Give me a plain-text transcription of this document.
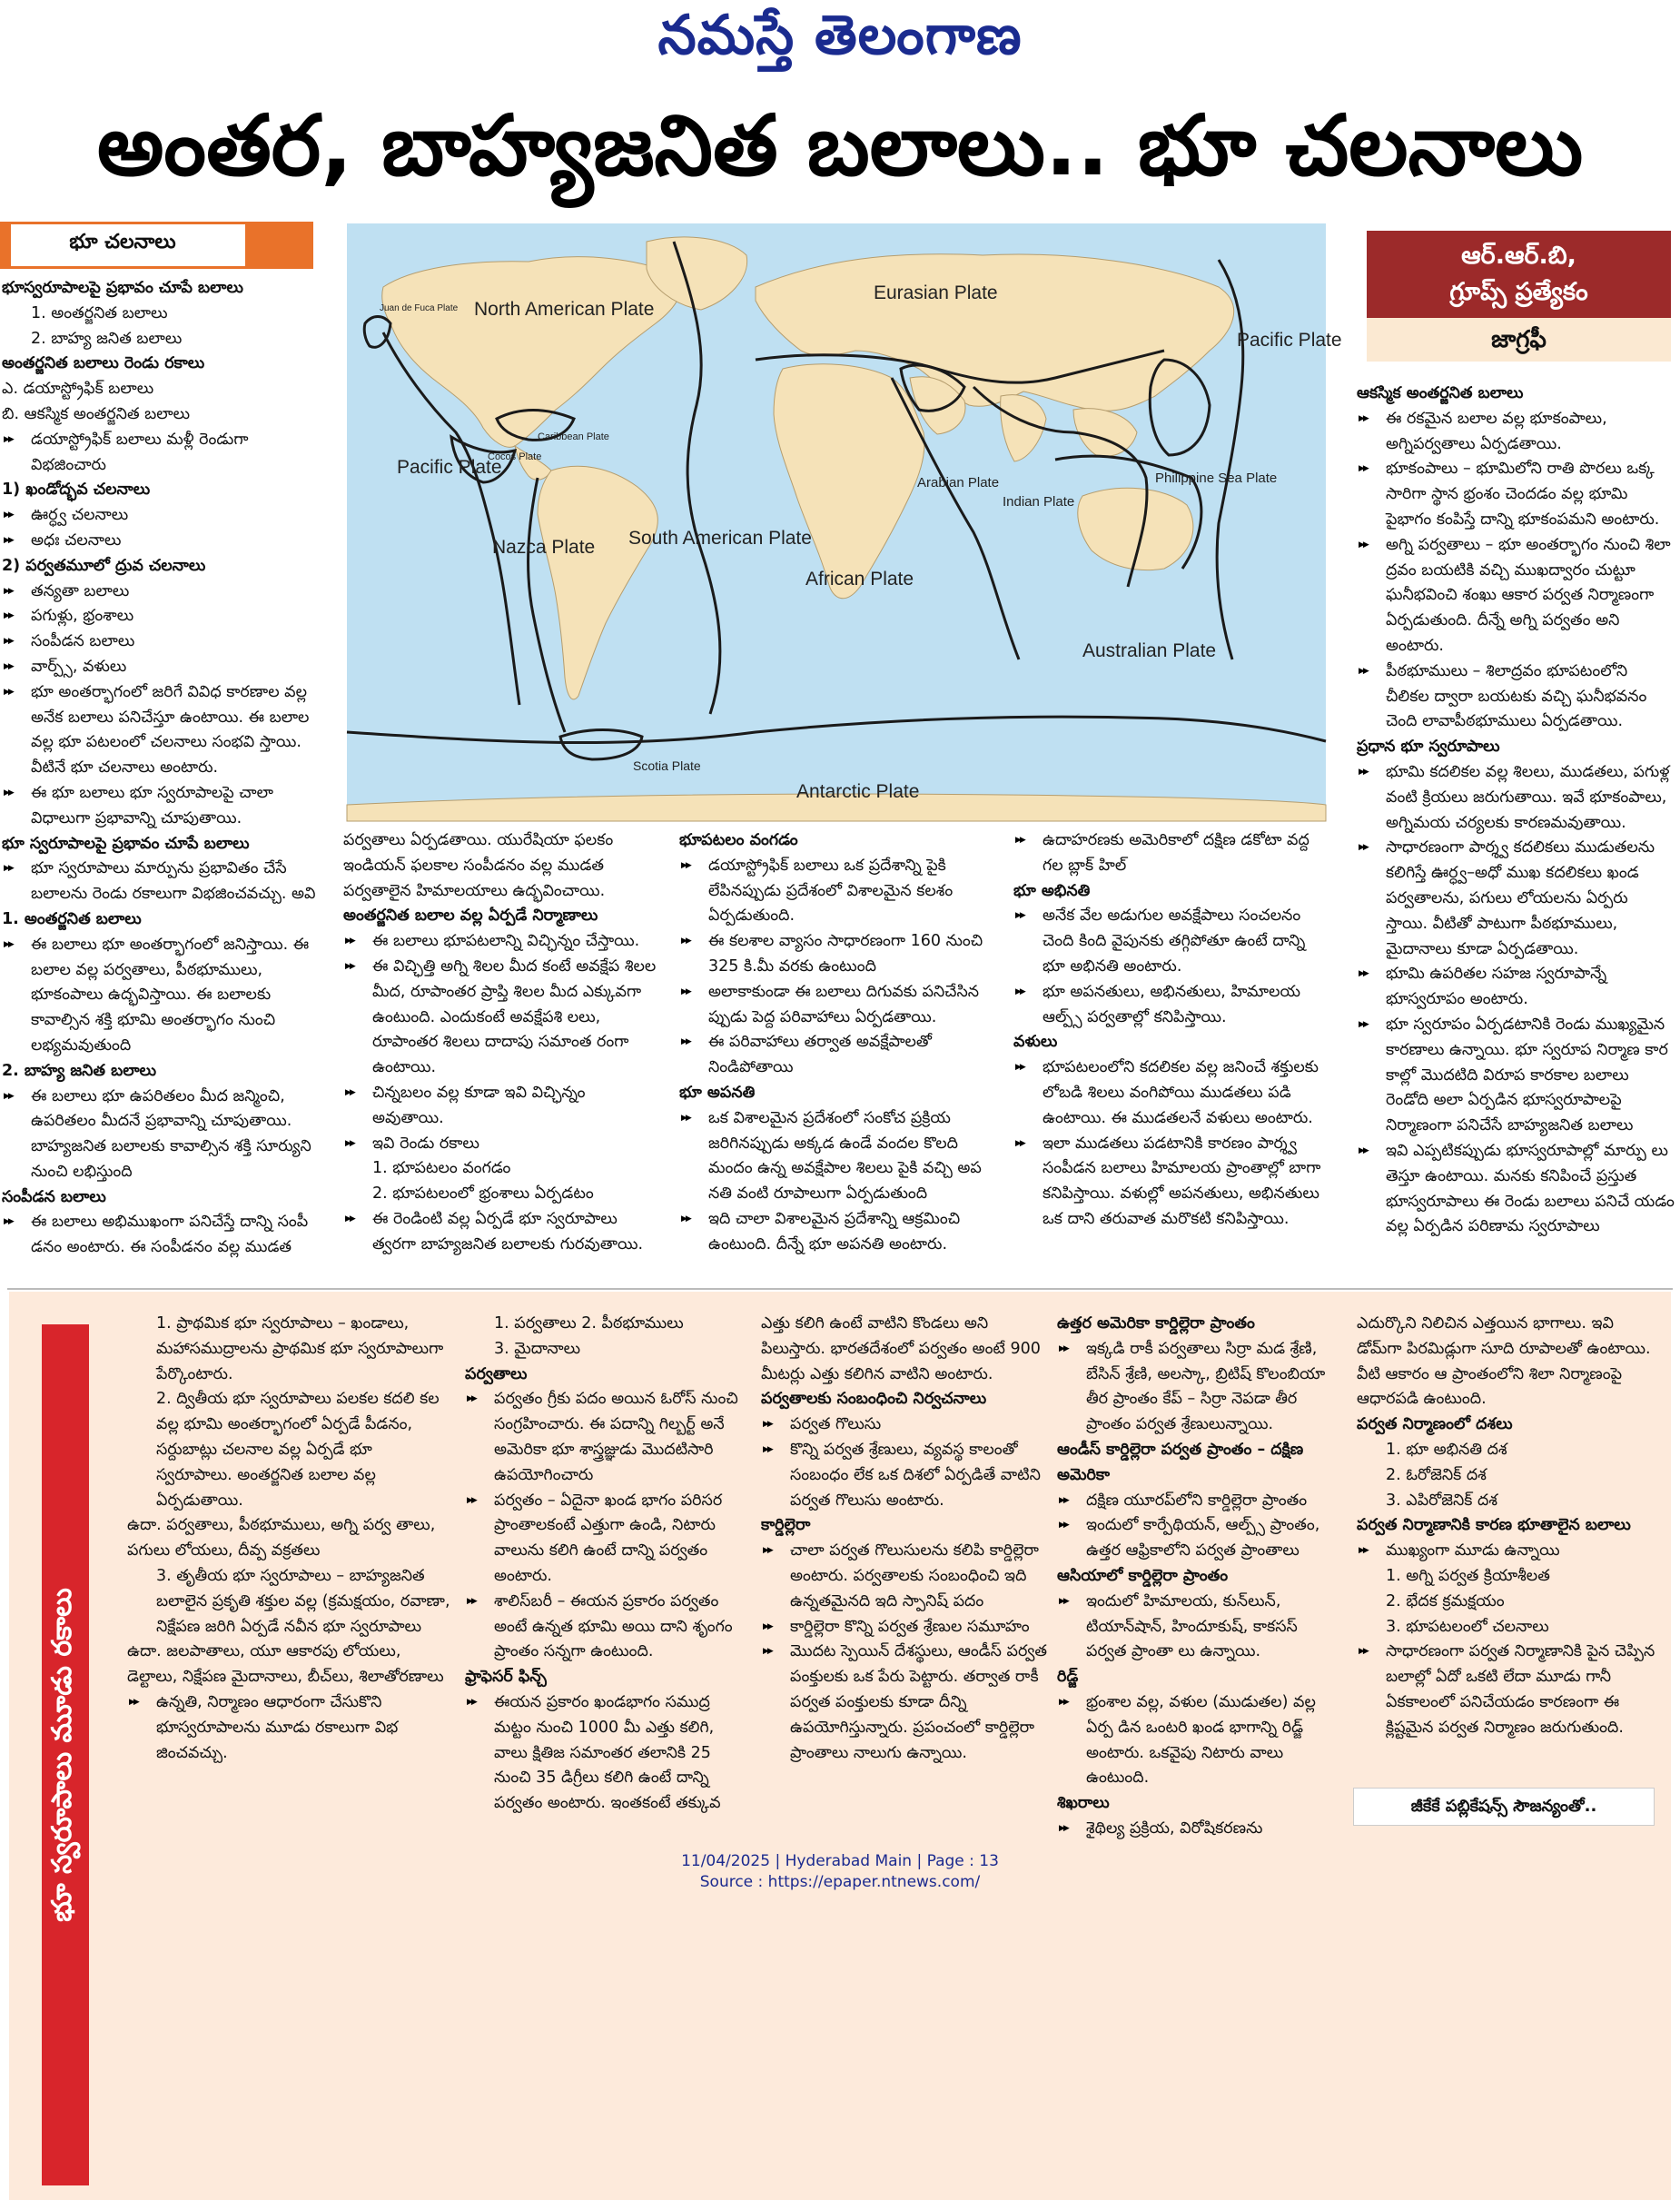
నమస్తే తెలంగాణ
అంతర, బాహ్యజనిత బలాలు.. భూ చలనాలు
భూ చలనాలు	ఆర్.ఆర్.బి,
గ్రూప్స్ ప్రత్యేకం
జాగ్రఫీ
North American Plate
Juan de Fuca Plate
Eurasian Plate
Pacific Plate
Pacific Plate
Caribbean Plate
Cocos Plate
Nazca Plate South American Plate
African Plate
Arabian Plate
Indian Plate
Philippine Sea Plate
Australian Plate
Scotia Plate
Antarctic Plate

భూస్వరూపాలపై ప్రభావం చూపే బలాలు

1. అంతర్జనిత బలాలు

2. బాహ్య జనిత బలాలు

అంతర్జనిత బలాలు రెండు రకాలు

ఎ. డయాస్ట్రోఫిక్ బలాలు

బి. ఆకస్మిక అంతర్జనిత బలాలు

▶▶ డయాస్ట్రోఫిక్ బలాలు మళ్లీ రెండుగా విభజించారు

1) ఖండోద్భవ చలనాలు

▶▶ ఊర్ధ్వ చలనాలు

▶▶ అధః చలనాలు

2) పర్వతమూలో ద్రువ చలనాలు

▶▶ తన్యతా బలాలు

▶▶ పగుళ్లు, భ్రంశాలు

▶▶ సంపీడన బలాలు

▶▶ వార్ప్స్, వళులు

▶▶ భూ అంతర్భాగంలో జరిగే వివిధ కారణాల వల్ల అనేక బలాలు పనిచేస్తూ ఉంటాయి. ఈ బలాల వల్ల భూ పటలంలో చలనాలు సంభవి స్తాయి. వీటినే భూ చలనాలు అంటారు.

▶▶ ఈ భూ బలాలు భూ స్వరూపాలపై చాలా విధాలుగా ప్రభావాన్ని చూపుతాయి.

భూ స్వరూపాలపై ప్రభావం చూపే బలాలు

▶▶ భూ స్వరూపాలు మార్పును ప్రభావితం చేసే బలాలను రెండు రకాలుగా విభజించవచ్చు. అవి

1. అంతర్జనిత బలాలు

▶▶ ఈ బలాలు భూ అంతర్భాగంలో జనిస్తాయి. ఈ బలాల వల్ల పర్వతాలు, పీఠభూములు, భూకంపాలు ఉద్భవిస్తాయి. ఈ బలాలకు కావాల్సిన శక్తి భూమి అంతర్భాగం నుంచి లభ్యమవుతుంది

2. బాహ్య జనిత బలాలు

▶▶ ఈ బలాలు భూ ఉపరితలం మీద జన్మించి, ఉపరితలం మీదనే ప్రభావాన్ని చూపుతాయి. బాహ్యజనిత బలాలకు కావాల్సిన శక్తి సూర్యుని నుంచి లభిస్తుంది

సంపీడన బలాలు

▶▶ ఈ బలాలు అభిముఖంగా పనిచేస్తే దాన్ని సంపీ డనం అంటారు. ఈ సంపీడనం వల్ల ముడత

పర్వతాలు ఏర్పడతాయి. యురేషియా ఫలకం ఇండియన్ ఫలకాల సంపీడనం వల్ల ముడత పర్వతాలైన హిమాలయాలు ఉద్భవించాయి.

అంతర్జనిత బలాల వల్ల ఏర్పడే నిర్మాణాలు

▶▶ ఈ బలాలు భూపటలాన్ని విచ్ఛిన్నం చేస్తాయి.

▶▶ ఈ విచ్ఛిత్తి అగ్ని శిలల మీద కంటే అవక్షేప శిలల మీద, రూపాంతర ప్రాప్తి శిలల మీద ఎక్కువగా ఉంటుంది. ఎందుకంటే అవక్షేపశి లలు, రూపాంతర శిలలు దాదాపు సమాంత రంగా ఉంటాయి.

▶▶ చిన్నబలం వల్ల కూడా ఇవి విచ్ఛిన్నం అవుతాయి.

▶▶ ఇవి రెండు రకాలు

1. భూపటలం వంగడం

2. భూపటలంలో భ్రంశాలు ఏర్పడటం

▶▶ ఈ రెండింటి వల్ల ఏర్పడే భూ స్వరూపాలు త్వరగా బాహ్యజనిత బలాలకు గురవుతాయి.

భూపటలం వంగడం

▶▶ డయాస్ట్రోఫిక్ బలాలు ఒక ప్రదేశాన్ని పైకి లేపినప్పుడు ప్రదేశంలో విశాలమైన కలశం ఏర్పడుతుంది.

▶▶ ఈ కలశాల వ్యాసం సాధారణంగా 160 నుంచి 325 కి.మీ వరకు ఉంటుంది

▶▶ అలాకాకుండా ఈ బలాలు దిగువకు పనిచేసిన ప్పుడు పెద్ద పరివాహాలు ఏర్పడతాయి.

▶▶ ఈ పరివాహాలు తర్వాత అవక్షేపాలతో నిండిపోతాయి

భూ అపనతి

▶▶ ఒక విశాలమైన ప్రదేశంలో సంకోచ ప్రక్రియ జరిగినప్పుడు అక్కడ ఉండే వందల కొలది మందం ఉన్న అవక్షేపాల శిలలు పైకి వచ్చి అప నతి వంటి రూపాలుగా ఏర్పడుతుంది

▶▶ ఇది చాలా విశాలమైన ప్రదేశాన్ని ఆక్రమించి ఉంటుంది. దీన్నే భూ అపనతి అంటారు.

▶▶ ఉదాహరణకు అమెరికాలో దక్షిణ డకోటా వద్ద గల బ్లాక్ హిల్

భూ అభినతి

▶▶ అనేక వేల అడుగుల అవక్షేపాలు సంచలనం చెంది కింది వైపునకు తగ్గిపోతూ ఉంటే దాన్ని భూ అభినతి అంటారు.

▶▶ భూ అపనతులు, అభినతులు, హిమాలయ ఆల్ప్స్ పర్వతాల్లో కనిపిస్తాయి.

వళులు

▶▶ భూపటలంలోని కదలికల వల్ల జనించే శక్తులకు లోబడి శిలలు వంగిపోయి ముడతలు పడి ఉంటాయి. ఈ ముడతలనే వళులు అంటారు.

▶▶ ఇలా ముడతలు పడటానికి కారణం పార్శ్వ సంపీడన బలాలు హిమాలయ ప్రాంతాల్లో బాగా కనిపిస్తాయి. వళుల్లో అపనతులు, అభినతులు ఒక దాని తరువాత మరొకటి కనిపిస్తాయి.

ఆకస్మిక అంతర్జనిత బలాలు

▶▶ ఈ రకమైన బలాల వల్ల భూకంపాలు, అగ్నిపర్వతాలు ఏర్పడతాయి.

▶▶ భూకంపాలు – భూమిలోని రాతి పొరలు ఒక్క సారిగా స్థాన భ్రంశం చెందడం వల్ల భూమి పైభాగం కంపిస్తే దాన్ని భూకంపమని అంటారు.

▶▶ అగ్ని పర్వతాలు – భూ అంతర్భాగం నుంచి శిలా ద్రవం బయటికి వచ్చి ముఖద్వారం చుట్టూ ఘనీభవించి శంఖు ఆకార పర్వత నిర్మాణంగా ఏర్పడుతుంది. దీన్నే అగ్ని పర్వతం అని అంటారు.

▶▶ పీఠభూములు – శిలాద్రవం భూపటంలోని చీలికల ద్వారా బయటకు వచ్చి ఘనీభవనం చెంది లావాపీఠభూములు ఏర్పడతాయి.

ప్రధాన భూ స్వరూపాలు

▶▶ భూమి కదలికల వల్ల శిలలు, ముడతలు, పగుళ్ల వంటి క్రియలు జరుగుతాయి. ఇవే భూకంపాలు, అగ్నిమయ చర్యలకు కారణమవుతాయి.

▶▶ సాధారణంగా పార్శ్వ కదలికలు ముడుతలను కలిగిస్తే ఊర్ధ్వ–అధో ముఖ కదలికలు ఖండ పర్వతాలను, పగులు లోయలను ఏర్పరు స్తాయి. వీటితో పాటుగా పీఠభూములు, మైదానాలు కూడా ఏర్పడతాయి.

▶▶ భూమి ఉపరితల సహజ స్వరూపాన్నే భూస్వరూపం అంటారు.

▶▶ భూ స్వరూపం ఏర్పడటానికి రెండు ముఖ్యమైన కారణాలు ఉన్నాయి. భూ స్వరూప నిర్మాణ కార కాల్లో మొదటిది విరూప కారకాల బలాలు రెండోది అలా ఏర్పడిన భూస్వరూపాలపై నిర్మాణంగా పనిచేసే బాహ్యజనిత బలాలు

▶▶ ఇవి ఎప్పటికప్పుడు భూస్వరూపాల్లో మార్పు లు తెస్తూ ఉంటాయి. మనకు కనిపించే ప్రస్తుత భూస్వరూపాలు ఈ రెండు బలాలు పనిచే యడం వల్ల ఏర్పడిన పరిణామ స్వరూపాలు

భూ స్వరూపాలు మూడు రకాలు

1. ప్రాథమిక భూ స్వరూపాలు – ఖండాలు, మహాసముద్రాలను ప్రాథమిక భూ స్వరూపాలుగా పేర్కొంటారు.

2. ద్వితీయ భూ స్వరూపాలు పలకల కదలి కల వల్ల భూమి అంతర్భాగంలో ఏర్పడే పీడనం, సర్దుబాట్లు చలనాల వల్ల ఏర్పడే భూ స్వరూపాలు. అంతర్జనిత బలాల వల్ల ఏర్పడుతాయి.

ఉదా. పర్వతాలు, పీఠభూములు, అగ్ని పర్వ తాలు, పగులు లోయలు, దీవ్ప వక్రతలు

3. తృతీయ భూ స్వరూపాలు – బాహ్యజనిత బలాలైన ప్రకృతి శక్తుల వల్ల (క్రమక్షయం, రవాణా, నిక్షేపణ జరిగి ఏర్పడే నవీన భూ స్వరూపాలు

ఉదా. జలపాతాలు, యూ ఆకారపు లోయలు, డెల్టాలు, నిక్షేపణ మైదానాలు, బీచ్‌లు, శిలాతోరణాలు

▶▶ ఉన్నతి, నిర్మాణం ఆధారంగా చేసుకొని భూస్వరూపాలను మూడు రకాలుగా విభ జించవచ్చు.

1. పర్వతాలు 2. పీఠభూములు

3. మైదానాలు

పర్వతాలు

▶▶ పర్వతం గ్రీకు పదం అయిన ఓరోస్ నుంచి సంగ్రహించారు. ఈ పదాన్ని గిల్బర్ట్ అనే అమెరికా భూ శాస్త్రజ్ఞుడు మొదటిసారి ఉపయోగించారు

▶▶ పర్వతం – ఏదైనా ఖండ భాగం పరిసర ప్రాంతాలకంటే ఎత్తుగా ఉండి, నిటారు వాలును కలిగి ఉంటే దాన్ని పర్వతం అంటారు.

▶▶ శాలిస్‌బరీ – ఈయన ప్రకారం పర్వతం అంటే ఉన్నత భూమి అయి దాని శృంగం ప్రాంతం సన్నగా ఉంటుంది.

ఫ్రాఫెసర్ ఫిన్చ్

▶▶ ఈయన ప్రకారం ఖండభాగం సముద్ర మట్టం నుంచి 1000 మీ ఎత్తు కలిగి, వాలు క్షితిజ సమాంతర తలానికి 25 నుంచి 35 డిగ్రీలు కలిగి ఉంటే దాన్ని పర్వతం అంటారు. ఇంతకంటే తక్కువ

ఎత్తు కలిగి ఉంటే వాటిని కొండలు అని పిలుస్తారు. భారతదేశంలో పర్వతం అంటే 900 మీటర్లు ఎత్తు కలిగిన వాటిని అంటారు.

పర్వతాలకు సంబంధించి నిర్వచనాలు

▶▶ పర్వత గొలుసు

▶▶ కొన్ని పర్వత శ్రేణులు, వ్యవస్థ కాలంతో సంబంధం లేక ఒక దిశలో ఏర్పడితే వాటిని పర్వత గొలుసు అంటారు.

కార్డిల్లెరా

▶▶ చాలా పర్వత గొలుసులను కలిపి కార్డిల్లెరా అంటారు. పర్వతాలకు సంబంధించి ఇది ఉన్నతమైనది ఇది స్పానిష్ పదం

▶▶ కార్డిల్లెరా కొన్ని పర్వత శ్రేణుల సమూహం

▶▶ మొదట స్పెయిన్ దేశస్థులు, ఆండీస్ పర్వత పంక్తులకు ఒక పేరు పెట్టారు. తర్వాత రాకీ పర్వత పంక్తులకు కూడా దీన్ని ఉపయోగిస్తున్నారు. ప్రపంచంలో కార్డిల్లెరా ప్రాంతాలు నాలుగు ఉన్నాయి.

ఉత్తర అమెరికా కార్డిల్లెరా ప్రాంతం

▶▶ ఇక్కడి రాకీ పర్వతాలు సిర్రా మడ శ్రేణి, బేసిన్ శ్రేణి, అలస్కా, బ్రిటిష్ కొలంబియా తీర ప్రాంతం కేప్ – సిర్రా నెపడా తీర ప్రాంతం పర్వత శ్రేణులున్నాయి.

ఆండీస్ కార్డిల్లెరా పర్వత ప్రాంతం – దక్షిణ అమెరికా

▶▶ దక్షిణ యూరప్‌లోని కార్డిల్లెరా ప్రాంతం

▶▶ ఇందులో కార్పేథియన్, ఆల్ప్స్ ప్రాంతం, ఉత్తర ఆఫ్రికాలోని పర్వత ప్రాంతాలు

ఆసియాలో కార్డిల్లెరా ప్రాంతం

▶▶ ఇందులో హిమాలయ, కున్‌లున్, టియాన్‌షాన్, హిందూకుష్, కాకసస్ పర్వత ప్రాంతా లు ఉన్నాయి.

రిడ్జ్

▶▶ భ్రంశాల వల్ల, వళుల (ముడుతల) వల్ల ఏర్ప డిన ఒంటరి ఖండ భాగాన్ని రిడ్జ్ అంటారు. ఒకవైపు నిటారు వాలు ఉంటుంది.

శిఖరాలు

▶▶ శైథిల్య ప్రక్రియ, విరోషికరణను

ఎదుర్కొని నిలిచిన ఎత్తయిన భాగాలు. ఇవి డోమ్‌గా పిరమిడ్లుగా సూది రూపాలతో ఉంటాయి. వీటి ఆకారం ఆ ప్రాంతంలోని శిలా నిర్మాణంపై ఆధారపడి ఉంటుంది.

పర్వత నిర్మాణంలో దశలు

1. భూ అభినతి దశ

2. ఓరోజెనిక్ దశ

3. ఎపిరోజెనిక్ దశ

పర్వత నిర్మాణానికి కారణ భూతాలైన బలాలు

▶▶ ముఖ్యంగా మూడు ఉన్నాయి

1. అగ్ని పర్వత క్రియాశీలత

2. భేదక క్రమక్షయం

3. భూపటలంలో చలనాలు

▶▶ సాధారణంగా పర్వత నిర్మాణానికి పైన చెప్పిన బలాల్లో ఏదో ఒకటి లేదా మూడు గానీ ఏకకాలంలో పనిచేయడం కారణంగా ఈ క్లిష్టమైన పర్వత నిర్మాణం జరుగుతుంది.

జీకేకే పబ్లికేషన్స్ సౌజన్యంతో..
11/04/2025 | Hyderabad Main | Page : 13
Source : https://epaper.ntnews.com/
